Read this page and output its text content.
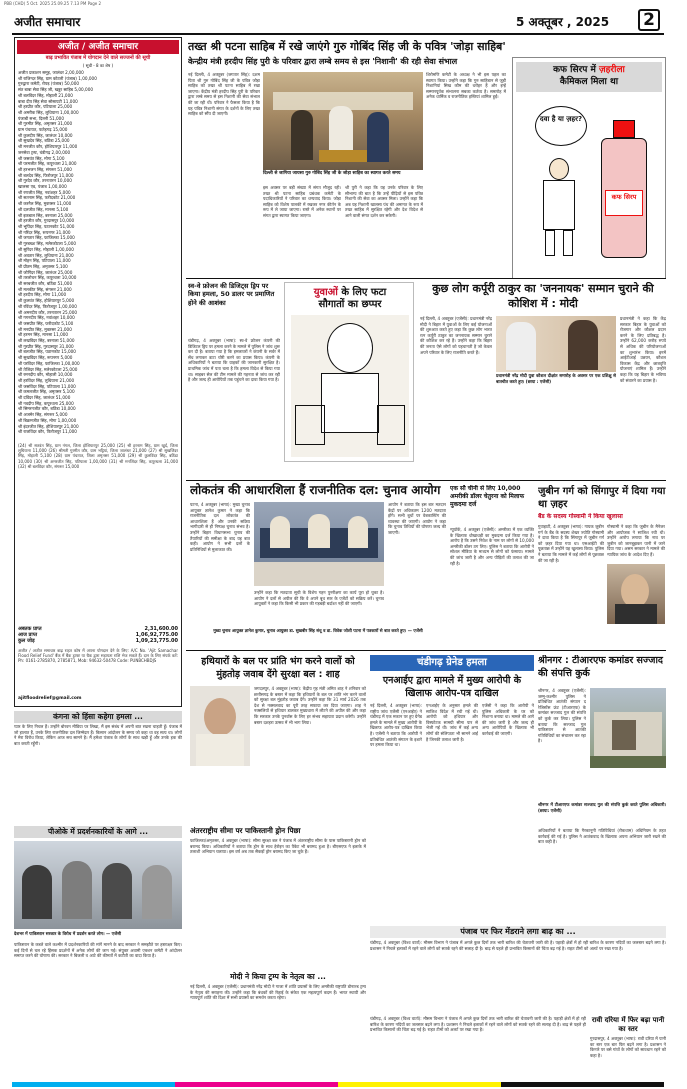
PBB (CHD) 5 Oct. 2025 25.09.25 7.13 PM Page 2
अजीत समाचार	5 अक्तूबर , 2025 2
अजीत / अजीत समाचार
बाढ़ प्रभावित पंजाब में योगदान देने वाले सज्जनों की सूची
( सूची - 8 का शेष )
अजीत प्रकाशन समूह, जालंधर 2,00,000
श्री राजिन्दर सिंह, ग्राम कोटली (पंजाब) 1,00,000
गुरुद्वारा कमेटी, रोपड़ (पंजाब) 50,000
संत बाबा सेवा सिंह जी, खडूर साहिब 5,00,000
श्री बलविंदर सिंह, मोहाली 21,000
बाबा दीप सिंह सेवा सोसायटी 11,000
श्री हरप्रीत कौर, पटियाला 25,000
श्री अमरीक सिंह, लुधियाना 1,00,000
पंजाबी सभा, दिल्ली 51,000
श्री गुरमीत सिंह, अमृतसर 31,000
ग्राम पंचायत, फतेहगढ़ 15,000
श्री कुलदीप सिंह, जालंधर 10,000
श्री सुखदेव सिंह, बठिंडा 25,000
श्री मनजीत कौर, होशियारपुर 11,000
जनसेवा ट्रस्ट, चंडीगढ़ 2,00,000
श्री जसवंत सिंह, मोगा 5,100
श्री परमजीत सिंह, कपूरथला 21,000
श्री हरभजन सिंह, संगरूर 51,000
श्री बलदेव सिंह, फिरोजपुर 11,000
श्री गुरदेव कौर, तरनतारन 10,000
खालसा एड, पंजाब 1,00,000
श्री रणजीत सिंह, नवांशहर 5,000
श्री सतनाम सिंह, फरीदकोट 21,000
श्री करनैल सिंह, मुक्तसर 11,000
श्री दलजीत सिंह, मानसा 5,100
श्री इकबाल सिंह, बरनाला 25,000
श्री हरजीत कौर, गुरदासपुर 10,000
श्री भूपिंदर सिंह, पठानकोट 51,000
श्री नरिंदर सिंह, रूपनगर 31,000
श्री जगतार सिंह, फाजिल्का 15,000
श्री गुरबख्श सिंह, मलेरकोटला 5,000
श्री सुरिंदर सिंह, मोहाली 1,00,000
श्री अवतार सिंह, लुधियाना 21,000
श्री मोहन सिंह, पटियाला 11,000
श्री प्रीतम सिंह, अमृतसर 5,100
श्री जोगिंदर सिंह, जालंधर 25,000
श्री तरलोचन सिंह, कपूरथला 10,000
श्री सरबजीत कौर, बठिंडा 51,000
श्री मलकीत सिंह, संगरूर 21,000
श्री हरदीप सिंह, मोगा 11,000
श्री कुलवंत सिंह, होशियारपुर 5,000
श्री रविंदर सिंह, फिरोजपुर 1,00,000
श्री अमनदीप कौर, तरनतारन 25,000
श्री गगनदीप सिंह, नवांशहर 10,000
श्री जसप्रीत सिंह, फरीदकोट 5,100
श्री मनप्रीत सिंह, मुक्तसर 21,000
श्री हरमन सिंह, मानसा 11,000
श्री लखविंदर सिंह, बरनाला 51,000
श्री गुरप्रीत सिंह, गुरदासपुर 31,000
श्री बलजीत सिंह, पठानकोट 15,000
श्री सुखविंदर सिंह, रूपनगर 5,000
श्री परविंदर सिंह, फाजिल्का 1,00,000
श्री तेजिंदर सिंह, मलेरकोटला 25,000
श्री रमनदीप कौर, मोहाली 10,000
श्री हरविंदर सिंह, लुधियाना 21,000
श्री जसविंदर सिंह, पटियाला 11,000
श्री कमलजीत सिंह, अमृतसर 5,100
श्री दविंदर सिंह, जालंधर 51,000
श्री नवदीप सिंह, कपूरथला 25,000
श्री सिमरनजीत कौर, बठिंडा 10,000
श्री अजमेर सिंह, संगरूर 5,000
श्री बिक्रमजीत सिंह, मोगा 1,00,000
श्री इंदरजीत सिंह, होशियारपुर 21,000
श्री राजविंदर कौर, फिरोजपुर 11,000
(24) श्री सतवंत सिंह, ग्राम नंगल, जिला होशियारपुर 25,000 (25) श्री हरनाम सिंह, ग्राम खुर्द, जिला लुधियाना 11,000 (26) श्रीमती गुरमीत कौर, ग्राम भट्टियां, जिला जालंधर 21,000 (27) श्री सुखजिंदर सिंह, मोहाली 5,100 (28) ग्राम पंचायत, जिला अमृतसर 51,000 (29) श्री कुलविंदर सिंह, बठिंडा 10,000 (30) श्री अमरजीत सिंह, पटियाला 1,00,000 (31) श्री मनजिंदर सिंह, कपूरथला 31,000 (32) श्री बलविंदर कौर, संगरूर 15,000
अबतक प्राप्त	2,31,600.00
आज प्राप्त	1,06,92,775.00
कुल जोड़	1,09,23,775.00
अजीत / अजीत समाचार बाढ़ राहत कोष में अपना योगदान देने के लिए: A/C No. 'Ajit Samachar Flood Relief Fund' बैंक में बैंक ड्राफ्ट या चैक द्वारा सहायता राशि भेज सकते हैं। दान के लिए संपर्क करें: Ph: 0161-2785870, 2785871, Mob: 94632-50478 Code: PUNBCHBDJS
ajitfloodrelief@gmail.com
तख्त श्री पटना साहिब में रखे जाएंगे गुरु गोबिंद सिंह जी के पवित्र 'जोड़ा साहिब'
केन्द्रीय मंत्री हरदीप सिंह पुरी के परिवार द्वारा लम्बे समय से इस 'निशानी' की रही सेवा संभाल
नई दिल्ली, 4 अक्तूबर (जगतार सिंह): दशम पिता श्री गुरु गोबिंद सिंह जी के पवित्र जोड़ा साहिब को तख्त श्री पटना साहिब में रखा जाएगा। केंद्रीय मंत्री हरदीप सिंह पुरी के परिवार द्वारा लम्बे समय से इस निशानी की सेवा संभाल की जा रही थी। परिवार ने फैसला किया है कि यह पवित्र निशानी संगत के दर्शनों के लिए तख्त साहिब को सौंप दी जाएगी।
दिल्ली से जागिया जायसा गुरु गोबिंद सिंह जी के जोड़ा साहिब का स्वागत करते समय
इस अवसर पर बड़ी संख्या में संगत मौजूद रही। तख्त श्री पटना साहिब प्रबंधक कमेटी के पदाधिकारियों ने परिवार का धन्यवाद किया। जोड़ा साहिब को विशेष पालकी में रखकर नगर कीर्तन के रूप में ले जाया जाएगा। रास्ते में अनेक स्थानों पर संगत द्वारा स्वागत किया जाएगा।
श्री पुरी ने कहा कि यह उनके परिवार के लिए सौभाग्य की बात है कि उन्हें पीढ़ियों से इस पवित्र निशानी की सेवा का अवसर मिला। उन्होंने कहा कि अब यह निशानी खालसा पंथ की अमानत के रूप में तख्त साहिब में सुरक्षित रहेगी और देश विदेश से आने वाली संगत दर्शन कर सकेगी।
शिरोमणि कमेटी के अध्यक्ष ने भी इस पहल का स्वागत किया। उन्होंने कहा कि गुरु साहिबान से जुड़ी निशानियां सिख कौम की धरोहर हैं और इन्हें सम्मानपूर्वक संभालना सबका कर्तव्य है। समारोह में अनेक धार्मिक व राजनीतिक हस्तियां शामिल हुईं।
कफ सिरप में ज़हरीला
कैमिकल मिला था
दवा है या ज़हर?
कफ सिरप
स्व-वे फ्रोजन की डिजिट्स ड्रिप पर किया हमला, 50 डालर पर प्रमाणित होने की आशंका
चंडीगढ़, 4 अक्तूबर (भाषा): स्व-वे फ्रोजन कंपनी की डिजिटल ड्रिप पर हमला करने के मामले में पुलिस ने जांच शुरू कर दी है। बताया गया है कि हमलावरों ने कंपनी के सर्वर में सेंध लगाकर डाटा चोरी करने का प्रयास किया। कंपनी के अधिकारियों ने बताया कि ग्राहकों की जानकारी सुरक्षित है। प्राथमिक जांच में पता चला है कि हमला विदेश से किया गया था। साइबर सेल की टीम मामले की गहनता से जांच कर रही है और जल्द ही आरोपियों तक पहुंचने का दावा किया गया है।
युवाओं के लिए फटा
सौगातों का छप्पर
कुछ लोग कर्पूरी ठाकुर का 'जननायक' सम्मान चुराने की कोशिश में : मोदी
नई दिल्ली, 4 अक्तूबर (एजेंसी): प्रधानमंत्री नरेंद्र मोदी ने बिहार में युवाओं के लिए कई योजनाओं की शुरुआत करते हुए कहा कि कुछ लोग भारत रत्न कर्पूरी ठाकुर का जननायक सम्मान चुराने की कोशिश कर रहे हैं। उन्होंने कहा कि बिहार की जनता ऐसे लोगों को पहचानती है जो केवल अपने परिवार के लिए राजनीति करते हैं।
प्रधानमंत्री नरेंद्र मोदी युवा कौशल दीक्षांत समारोह के अवसर पर एक प्रशिक्षु से बातचीत करते हुए। (छाया : एजेंसी)
प्रधानमंत्री ने कहा कि केंद्र सरकार बिहार के युवाओं को रोजगार और कौशल प्रदान करने के लिए प्रतिबद्ध है। उन्होंने 62,000 करोड़ रुपये से अधिक की परियोजनाओं का शुभारंभ किया। इनमें आईटीआई उन्नयन, कौशल विकास केंद्र और छात्रवृत्ति योजनाएं शामिल हैं। उन्होंने कहा कि यह बिहार के भविष्य को संवारने का प्रयास है।
लोकतंत्र की आधारशिला हैं राजनीतिक दल: चुनाव आयोग
पटना, 4 अक्तूबर (भाषा): मुख्य चुनाव आयुक्त ज्ञानेश कुमार ने कहा कि राजनीतिक दल लोकतंत्र की आधारशिला हैं और उनकी सक्रिय भागीदारी से ही निष्पक्ष चुनाव संभव है। उन्होंने बिहार विधानसभा चुनाव की तैयारियों की समीक्षा के बाद यह बात कही। आयोग ने सभी दलों के प्रतिनिधियों से मुलाकात की।
उन्होंने कहा कि मतदाता सूची के विशेष गहन पुनरीक्षण का कार्य पूरा हो चुका है। आयोग ने दलों से अपील की कि वे अपने बूथ स्तर के एजेंटों को सक्रिय करें। चुनाव आयुक्तों ने कहा कि किसी भी प्रकार की गड़बड़ी बर्दाश्त नहीं की जाएगी।
आयोग ने बताया कि इस बार मतदान केंद्रों पर अधिकतम 1200 मतदाता होंगे। सभी बूथों पर वेबकास्टिंग की व्यवस्था की जाएगी। आयोग ने कहा कि चुनाव तिथियों की घोषणा जल्द की जाएगी।
मुख्य चुनाव आयुक्त ज्ञानेश कुमार, चुनाव आयुक्त डा. सुखबीर सिंह संधू व डा. विवेक जोशी पटना में पत्रकारों से बात करते हुए। — एजेंसी
एक सौ चीनी से लिए 10,000 अमरीकी डॉलर चेतुरना को मिलाफ मुकदमा दर्ज
न्यूयॉर्क, 4 अक्तूबर (एजेंसी): अमरीका में एक व्यक्ति के खिलाफ धोखाधड़ी का मुकदमा दर्ज किया गया है। आरोप है कि उसने निवेश के नाम पर लोगों से 10,000 अमरीकी डॉलर ठग लिए। पुलिस ने बताया कि आरोपी ने सोशल मीडिया के माध्यम से लोगों को फंसाया। मामले की जांच जारी है और अन्य पीड़ितों की तलाश की जा रही है।
जुबीन गर्ग को सिंगापुर में दिया गया था ज़हर
बैंड के सदस्य गोस्वामी ने किया खुलासा
गुवाहाटी, 4 अक्तूबर (भाषा): गायक जुबीन गर्ग के बैंड के सदस्य शेखर ज्योति गोस्वामी ने दावा किया है कि सिंगापुर में जुबीन गर्ग को ज़हर दिया गया था। एसआईटी की पूछताछ में उन्होंने यह खुलासा किया। पुलिस ने बताया कि मामले में कई लोगों से पूछताछ की जा रही है।
गोस्वामी ने कहा कि जुबीन के मैनेजर और आयोजक ने साजिश रची थी। उन्होंने आरोप लगाया कि नाव पर जुबीन को जानबूझकर पानी में जाने दिया गया। असम सरकार ने मामले की न्यायिक जांच के आदेश दिए हैं।
हथियारों के बल पर प्रांति भंग करने वालों को मुंहतोड़ जवाब देंगे सुरक्षा बल : शाह
जगदलपुर, 4 अक्तूबर (भाषा): केंद्रीय गृह मंत्री अमित शाह ने शनिवार को छत्तीसगढ़ के बस्तर में कहा कि हथियारों के बल पर शांति भंग करने वालों को सुरक्षा बल मुंहतोड़ जवाब देंगे। उन्होंने कहा कि 31 मार्च 2026 तक देश से नक्सलवाद का पूरी तरह सफाया कर दिया जाएगा। शाह ने नक्सलियों से हथियार डालकर मुख्यधारा में लौटने की अपील की और कहा कि सरकार उनके पुनर्वास के लिए हर संभव सहायता प्रदान करेगी। उन्होंने बस्तर दशहरा उत्सव में भी भाग लिया।
अंतरराष्ट्रीय सीमा पर पाकिस्तानी ड्रोन पिछा
फाजिल्का/अमृतसर, 4 अक्तूबर (भाषा): सीमा सुरक्षा बल ने पंजाब में अंतरराष्ट्रीय सीमा के पास पाकिस्तानी ड्रोन को बरामद किया। अधिकारियों ने बताया कि ड्रोन के साथ हेरोइन का पैकेट भी बरामद हुआ है। बीएसएफ ने इलाके में तलाशी अभियान चलाया। इस वर्ष अब तक सैकड़ों ड्रोन बरामद किए जा चुके हैं।
मोदी ने किया ट्रम्प के नेतृत्व का ...
नई दिल्ली, 4 अक्तूबर (एजेंसी): प्रधानमंत्री नरेंद्र मोदी ने गाजा में शांति प्रयासों के लिए अमरीकी राष्ट्रपति डोनाल्ड ट्रम्प के नेतृत्व की सराहना की। उन्होंने कहा कि बंधकों की रिहाई के संकेत एक महत्वपूर्ण कदम हैं। भारत स्थायी और न्यायपूर्ण शांति की दिशा में सभी प्रयासों का समर्थन करता रहेगा।
चंडीगढ़ ग्रेनेड हमला
एनआईए द्वारा मामले में मुख्य आरोपी के खिलाफ आरोप-पत्र दाखिल
नई दिल्ली, 4 अक्तूबर (भाषा): राष्ट्रीय जांच एजेंसी (एनआईए) ने चंडीगढ़ में एक मकान पर हुए ग्रेनेड हमले के मामले में मुख्य आरोपी के खिलाफ आरोप-पत्र दाखिल किया है। एजेंसी ने बताया कि आरोपी ने प्रतिबंधित आतंकी संगठन के इशारे पर हमला किया था।
एनआईए के अनुसार हमले की साजिश विदेश में रची गई थी। आरोपी को हथियार और विस्फोटक सामग्री सीमा पार से भेजी गई थी। जांच में कई अन्य लोगों की संलिप्तता भी सामने आई है जिनकी तलाश जारी है।
एजेंसी ने कहा कि आरोपी ने पुलिस अधिकारी के घर को निशाना बनाया था। मामले की आगे की जांच जारी है और जल्द ही अन्य आरोपियों के खिलाफ भी कार्रवाई की जाएगी।
श्रीनगर : टीआरएफ कमांडर सज्जाद की संपत्ति कुर्क
श्रीनगर, 4 अक्तूबर (एजेंसी): जम्मू-कश्मीर पुलिस ने प्रतिबंधित आतंकी संगठन द रेजिस्टेंस फ्रंट (टीआरएफ) के कमांडर सज्जाद गुल की संपत्ति को कुर्क कर लिया। पुलिस ने बताया कि सज्जाद गुल पाकिस्तान से आतंकी गतिविधियों का संचालन कर रहा है।
श्रीनगर में टीआरएफ कमांडर सज्जाद गुल की संपत्ति कुर्क करते पुलिस अधिकारी। (छाया: एजेंसी)
अधिकारियों ने बताया कि गैरकानूनी गतिविधियां (रोकथाम) अधिनियम के तहत कार्रवाई की गई है। पुलिस ने आतंकवाद के खिलाफ अपना अभियान जारी रखने की बात कही है।
कंगना को हिंसा कहेगा हमला ...
प्यार के लिए निचल हैं। उन्होंने बोरवन मीडिया पर लिखा, मैं इस संबंध में अपनी बात रखना चाहती हूँ। पंजाब में जो हालात हैं, उनके लिए राजनीतिक दल जिम्मेदार हैं। किसान आंदोलन के समय जो कहा था वह सत्य था। लोगों ने मेरा विरोध किया, लेकिन आज सच सामने है। मैं हमेशा पंजाब के लोगों के साथ खड़ी हूँ और उनके हक की बात करती रहूँगी।
पीओके में प्रदर्शनकारियों के आगे ...
देशभर में पाकिस्तान सरकार के विरोध में प्रदर्शन करते लोग। — एजेंसी
पाकिस्तान के कब्जे वाले कश्मीर में प्रदर्शनकारियों की मांगें मानने के बाद सरकार ने समझौते पर हस्ताक्षर किए। कई दिनों से चल रहे हिंसक प्रदर्शनों में अनेक लोगों की जान गई। संयुक्त अवामी एक्शन कमेटी ने आंदोलन समाप्त करने की घोषणा की। सरकार ने बिजली व आटे की कीमतों में कटौती का वादा किया है।
पंजाब पर फिर मेंडराने लगा बाढ़ का ...
चंडीगढ़, 4 अक्तूबर (विश्व वार्ता): मौसम विभाग ने पंजाब में अगले कुछ दिनों तक भारी बारिश की चेतावनी जारी की है। पहाड़ी क्षेत्रों में हो रही बारिश के कारण नदियों का जलस्तर बढ़ने लगा है। प्रशासन ने निचले इलाकों में रहने वाले लोगों को सतर्क रहने की सलाह दी है। बाढ़ से पहले ही प्रभावित किसानों की चिंता बढ़ गई है। राहत टीमों को अलर्ट पर रखा गया है।
रावी दरिया में फिर बढ़ा पानी का स्तर
गुरदासपुर, 4 अक्तूबर (भाषा): रावी दरिया में पानी का स्तर एक बार फिर बढ़ने लगा है। प्रशासन ने किनारे पर बसे गांवों के लोगों को सावधान रहने को कहा है।
चंडीगढ़, 4 अक्तूबर (विश्व वार्ता): मौसम विभाग ने पंजाब में अगले कुछ दिनों तक भारी बारिश की चेतावनी जारी की है। पहाड़ी क्षेत्रों में हो रही बारिश के कारण नदियों का जलस्तर बढ़ने लगा है। प्रशासन ने निचले इलाकों में रहने वाले लोगों को सतर्क रहने की सलाह दी है। बाढ़ से पहले ही प्रभावित किसानों की चिंता बढ़ गई है। राहत टीमों को अलर्ट पर रखा गया है।
